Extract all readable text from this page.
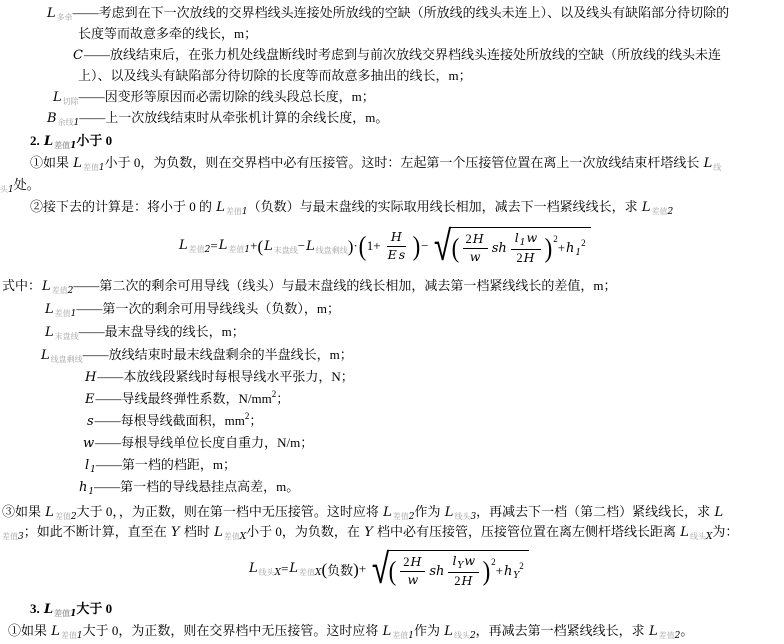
$L_{多牵}——$考虑到在下一次放线的交界档线头连接处所放线的空缺（所放线的线头未连上）、以及线头有缺陷部分待切除的
长度等而故意多牵的线长，m；
C——放线结束后，在张力机处线盘断线时考虑到与前次放线交界档线头连接处所放线的空缺（所放线的线头未连
上）、以及线头有缺陷部分待切除的长度等而故意多抽出的线长，m；
$L_{切除}——$因变形等原因而必需切除的线头段总长度，m；
$B_{余线1}——$上一次放线结束时从牵张机计算的余线长度，m。
2. $L_{差值1}$小于 0
①如果 $L_{差值1}$小于 0，为负数，则在交界档中必有压接管。这时：左起第一个压接管位置在离上一次放线结束杆塔线长 $L_线$
$_{头1}$处。
②接下去的计算是：将小于 0 的 $L_{差值1}$（负数）与最末盘线的实际取用线长相加，减去下一档紧线线长，求 $L_{差值2}$
$L_{差值2} = L_{差值1}$ + ( $L_{末盘线} - L_{线盘剩线}$ ) · ( $1+ \frac{H}{\text{E s}}$ ) − √ ( $\frac{2H}{w}$ sh $\frac{l_1w}{2H} )^2$
+ $h_1^2$
式中：$L_{差值2}——$第二次的剩余可用导线（线头）与最末盘线的线长相加，减去第一档紧线线长的差值，m；
$L_{差值1}——$第一次的剩余可用导线线头（负数），m；
$L_{末盘线}——$最末盘导线的线长，m；
$L_{线盘剩线}——$放线结束时最末线盘剩余的半盘线长，m；
H——本放线段紧线时每根导线水平张力，N；
E——导线最终弹性系数，$N/mm^2$；
s——每根导线截面积，$mm^2$；
w——每根导线单位长度自重力，N/m；
$l_1——$第一档的档距，m；
$h_1——$第一档的导线悬挂点高差，m。
③如果 $L_{差值2}$大于 0，，为正数，则在第一档中无压接管。这时应将 $L_{差值2}$作为 $L_{线头3}$，再减去下一档（第二档）紧线线长，求 L
$_{差值3}$；如此不断计算，直至在 Y 档时 $L_{差值X}$小于 0，为负数，在 Y 档中必有压接管，压接管位置在离左侧杆塔线长距离 $L_{线头X}$为：
$L_{线头X} = L_{差值X}$ ( 负数 ) + √ ( $\frac{2H}{w}$ sh $\frac{l_Yw}{2H} )^2$
+ $h_Y^2$
3. $L_{差值1}$大于 0
①如果 $L_{差值1}$大于 0，为正数，则在交界档中无压接管。这时应将 $L_{差值1}$作为 $L_{线头2}$，再减去第一档紧线线长，求 $L_{差值2}$。
